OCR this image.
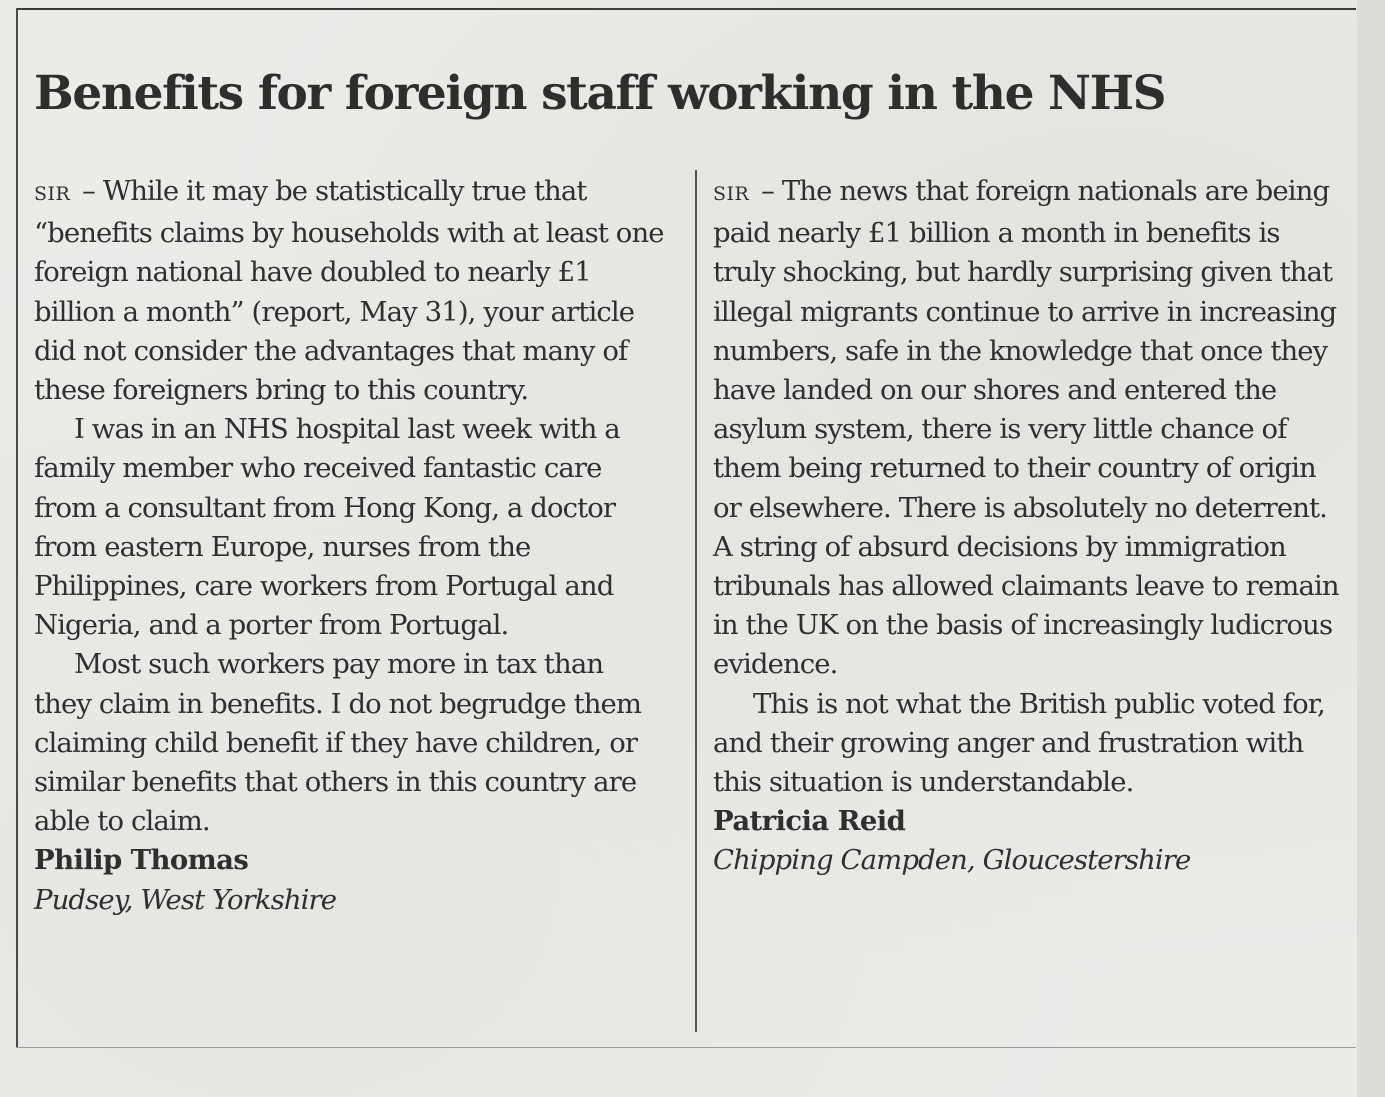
Benefits for foreign staff working in the NHS

SIR – While it may be statistically true that “benefits claims by households with at least one foreign national have doubled to nearly £1 billion a month” (report, May 31), your article did not consider the advantages that many of these foreigners bring to this country.

I was in an NHS hospital last week with a family member who received fantastic care from a consultant from Hong Kong, a doctor from eastern Europe, nurses from the Philippines, care workers from Portugal and Nigeria, and a porter from Portugal.

Most such workers pay more in tax than they claim in benefits. I do not begrudge them claiming child benefit if they have children, or similar benefits that others in this country are able to claim.

Philip Thomas
Pudsey, West Yorkshire

SIR – The news that foreign nationals are being paid nearly £1 billion a month in benefits is truly shocking, but hardly surprising given that illegal migrants continue to arrive in increasing numbers, safe in the knowledge that once they have landed on our shores and entered the asylum system, there is very little chance of them being returned to their country of origin or elsewhere. There is absolutely no deterrent. A string of absurd decisions by immigration tribunals has allowed claimants leave to remain in the UK on the basis of increasingly ludicrous evidence.

This is not what the British public voted for, and their growing anger and frustration with this situation is understandable.

Patricia Reid
Chipping Campden, Gloucestershire
